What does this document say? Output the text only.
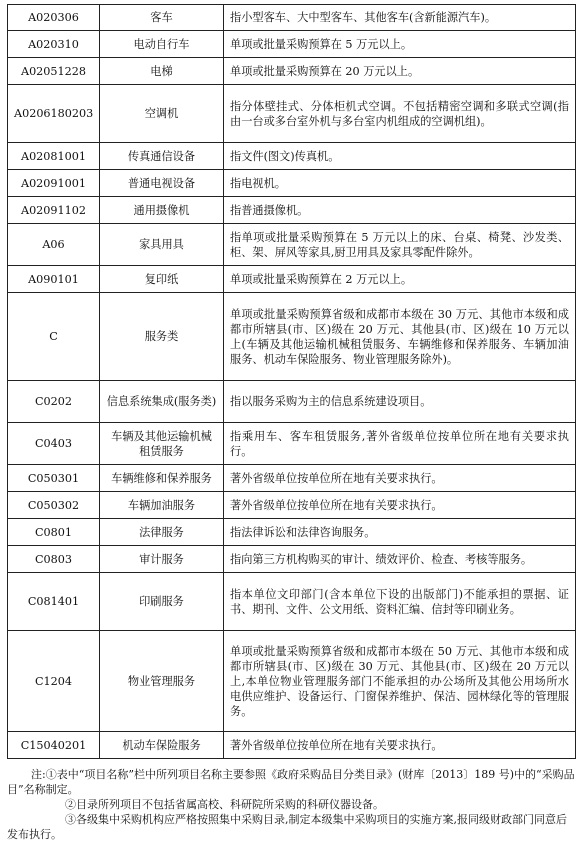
A020306	客车	指小型客车、大中型客车、其他客车(含新能源汽车)。
A020310	电动自行车	单项或批量采购预算在 5 万元以上。
A02051228	电梯	单项或批量采购预算在 20 万元以上。
A0206180203	空调机	指分体壁挂式、分体柜机式空调。不包括精密空调和多联式空调(指由一台或多台室外机与多台室内机组成的空调机组)。
A02081001	传真通信设备	指文件(图文)传真机。
A02091001	普通电视设备	指电视机。
A02091102	通用摄像机	指普通摄像机。
A06	家具用具	指单项或批量采购预算在 5 万元以上的床、台桌、椅凳、沙发类、柜、架、屏风等家具,厨卫用具及家具零配件除外。
A090101	复印纸	单项或批量采购预算在 2 万元以上。
C	服务类	单项或批量采购预算省级和成都市本级在 30 万元、其他市本级和成都市所辖县(市、区)级在 20 万元、其他县(市、区)级在 10 万元以上(车辆及其他运输机械租赁服务、车辆维修和保养服务、车辆加油服务、机动车保险服务、物业管理服务除外)。
C0202	信息系统集成(服务类)	指以服务采购为主的信息系统建设项目。
C0403	车辆及其他运输机械租赁服务	指乘用车、客车租赁服务,著外省级单位按单位所在地有关要求执行。
C050301	车辆维修和保养服务	著外省级单位按单位所在地有关要求执行。
C050302	车辆加油服务	著外省级单位按单位所在地有关要求执行。
C0801	法律服务	指法律诉讼和法律咨询服务。
C0803	审计服务	指向第三方机构购买的审计、绩效评价、检查、考核等服务。
C081401	印刷服务	指本单位文印部门(含本单位下设的出版部门)不能承担的票据、证书、期刊、文件、公文用纸、资料汇编、信封等印刷业务。
C1204	物业管理服务	单项或批量采购预算省级和成都市本级在 50 万元、其他市本级和成都市所辖县(市、区)级在 30 万元、其他县(市、区)级在 20 万元以上,本单位物业管理服务部门不能承担的办公场所及其他公用场所水电供应维护、设备运行、门窗保养维护、保洁、园林绿化等的管理服务。
C15040201	机动车保险服务	著外省级单位按单位所在地有关要求执行。

注:①表中“项目名称”栏中所列项目名称主要参照《政府采购品目分类目录》(财库〔2013〕189 号)中的“采购品目”名称制定。

②目录所列项目不包括省属高校、科研院所采购的科研仪器设备。

③各级集中采购机构应严格按照集中采购目录,制定本级集中采购项目的实施方案,报同级财政部门同意后发布执行。
